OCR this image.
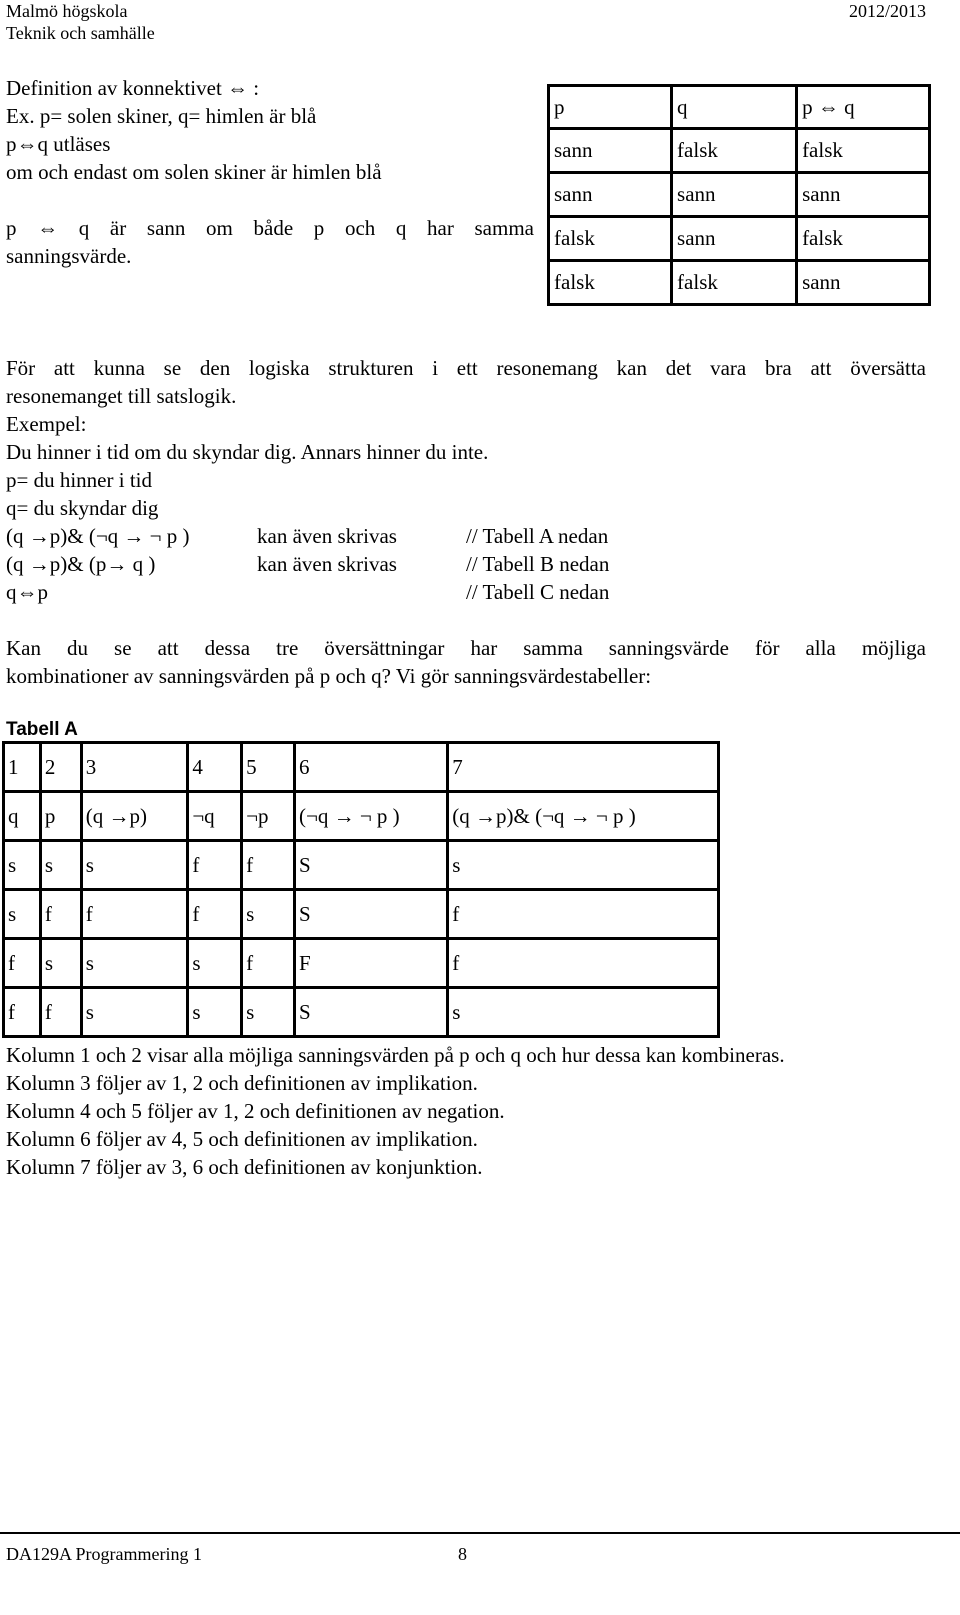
Malmö högskola
Teknik och samhälle
2012/2013
Definition av konnektivet ⇔ :
Ex. p= solen skiner, q= himlen är blå
p⇔q utläses
om och endast om solen skiner är himlen blå
p ⇔ q är sann om både p och q har samma
sanningsvärde.
p	q	p ⇔ q
sann	falsk	falsk
sann	sann	sann
falsk	sann	falsk
falsk	falsk	sann
För att kunna se den logiska strukturen i ett resonemang kan det vara bra att översätta
resonemanget till satslogik.
Exempel:
Du hinner i tid om du skyndar dig. Annars hinner du inte.
p= du hinner i tid
q= du skyndar dig
(q →p)& (¬q → ¬ p )	kan även skrivas	// Tabell A nedan
(q →p)& (p→ q )	kan även skrivas	// Tabell B nedan
q⇔p	// Tabell C nedan
Kan du se att dessa tre översättningar har samma sanningsvärde för alla möjliga
kombinationer av sanningsvärden på p och q? Vi gör sanningsvärdestabeller:
Tabell A
1	2	3	4	5	6	7
q	p	(q →p)	¬q	¬p	(¬q → ¬ p )	(q →p)& (¬q → ¬ p )
s	s	s	f	f	S	s
s	f	f	f	s	S	f
f	s	s	s	f	F	f
f	f	s	s	s	S	s
Kolumn 1 och 2 visar alla möjliga sanningsvärden på p och q och hur dessa kan kombineras.
Kolumn 3 följer av 1, 2 och definitionen av implikation.
Kolumn 4 och 5 följer av 1, 2 och definitionen av negation.
Kolumn 6 följer av 4, 5 och definitionen av implikation.
Kolumn 7 följer av 3, 6 och definitionen av konjunktion.
DA129A Programmering 1	8
